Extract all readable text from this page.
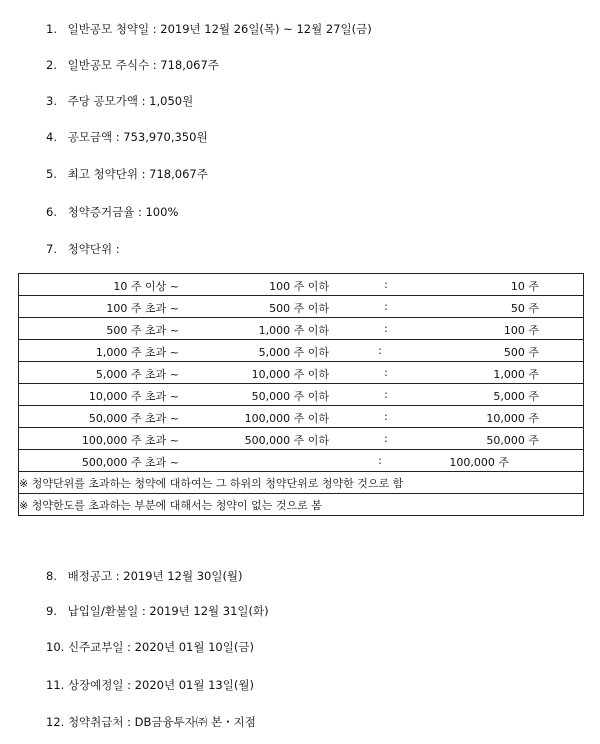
1. 일반공모 청약일 : 2019년 12월 26일(목) ~ 12월 27일(금)
2. 일반공모 주식수 : 718,067주
3. 주당 공모가액 : 1,050원
4. 공모금액 : 753,970,350원
5. 최고 청약단위 : 718,067주
6. 청약증거금율 : 100%
7. 청약단위 :
10 주 이상 ~	100 주 이하	:	10 주

100 주 초과 ~	500 주 이하	:	50 주

500 주 초과 ~	1,000 주 이하	:	100 주

1,000 주 초과 ~	5,000 주 이하	:	500 주

5,000 주 초과 ~	10,000 주 이하	:	1,000 주

10,000 주 초과 ~	50,000 주 이하	:	5,000 주

50,000 주 초과 ~	100,000 주 이하	:	10,000 주

100,000 주 초과 ~	500,000 주 이하	:	50,000 주

500,000 주 초과 ~	:	100,000 주

※ 청약단위를 초과하는 청약에 대하여는 그 하위의 청약단위로 청약한 것으로 함
※ 청약한도를 초과하는 부분에 대해서는 청약이 없는 것으로 봄
8. 배정공고 : 2019년 12월 30일(월)
9. 납입일/환불일 : 2019년 12월 31일(화)
10. 신주교부일 : 2020년 01월 10일(금)
11. 상장예정일 : 2020년 01월 13일(월)
12. 청약취급처 : DB금융투자㈜ 본・지점
